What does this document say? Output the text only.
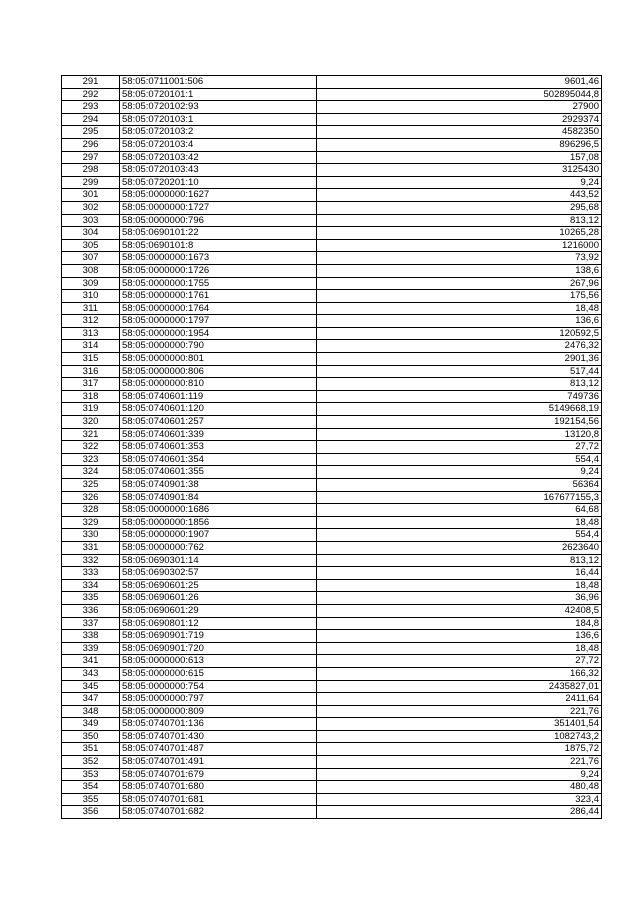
291	58:05:0711001:506	9601,46
292	58:05:0720101:1	502895044,8
293	58:05:0720102:93	27900
294	58:05:0720103:1	2929374
295	58:05:0720103:2	4582350
296	58:05:0720103:4	896296,5
297	58:05:0720103:42	157,08
298	58:05:0720103:43	3125430
299	58:05:0720201:10	9,24
301	58:05:0000000:1627	443,52
302	58:05:0000000:1727	295,68
303	58:05:0000000:796	813,12
304	58:05:0690101:22	10265,28
305	58:05:0690101:8	1216000
307	58:05:0000000:1673	73,92
308	58:05:0000000:1726	138,6
309	58:05:0000000:1755	267,96
310	58:05:0000000:1761	175,56
311	58:05:0000000:1764	18,48
312	58:05:0000000:1797	136,6
313	58:05:0000000:1954	120592,5
314	58:05:0000000:790	2476,32
315	58:05:0000000:801	2901,36
316	58:05:0000000:806	517,44
317	58:05:0000000:810	813,12
318	58:05:0740601:119	749736
319	58:05:0740601:120	5149668,19
320	58:05:0740601:257	192154,56
321	58:05:0740601:339	13120,8
322	58:05:0740601:353	27,72
323	58:05:0740601:354	554,4
324	58:05:0740601:355	9,24
325	58:05:0740901:38	56364
326	58:05:0740901:84	167677155,3
328	58:05:0000000:1686	64,68
329	58:05:0000000:1856	18,48
330	58:05:0000000:1907	554,4
331	58:05:0000000:762	2623640
332	58:05:0690301:14	813,12
333	58:05:0690302:57	16,44
334	58:05:0690601:25	18,48
335	58:05:0690601:26	36,96
336	58:05:0690601:29	42408,5
337	58:05:0690801:12	184,8
338	58:05:0690901:719	136,6
339	58:05:0690901:720	18,48
341	58:05:0000000:613	27,72
343	58:05:0000000:615	166,32
345	58:05:0000000:754	2435827,01
347	58:05:0000000:797	2411,64
348	58:05:0000000:809	221,76
349	58:05:0740701:136	351401,54
350	58:05:0740701:430	1082743,2
351	58:05:0740701:487	1875,72
352	58:05:0740701:491	221,76
353	58:05:0740701:679	9,24
354	58:05:0740701:680	480,48
355	58:05:0740701:681	323,4
356	58:05:0740701:682	286,44
